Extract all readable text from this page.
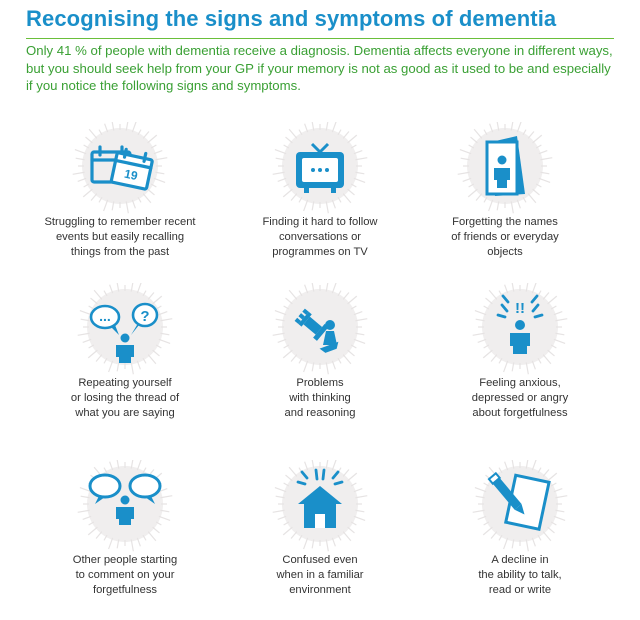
Recognising the signs and symptoms of dementia

Only 41 % of people with dementia receive a diagnosis. Dementia affects everyone in different ways,
but you should seek help from your GP if your memory is not as good as it used to be and especially
if you notice the following signs and symptoms.

19
Struggling to remember recent
events but easily recalling
things from the past
Finding it hard to follow
conversations or
programmes on TV
Forgetting the names
of friends or everyday
objects
... ?
Repeating yourself
or losing the thread of
what you are saying
Problems
with thinking
and reasoning
!!
Feeling anxious,
depressed or angry
about forgetfulness
Other people starting
to comment on your
forgetfulness
Confused even
when in a familiar
environment
A decline in
the ability to talk,
read or write
